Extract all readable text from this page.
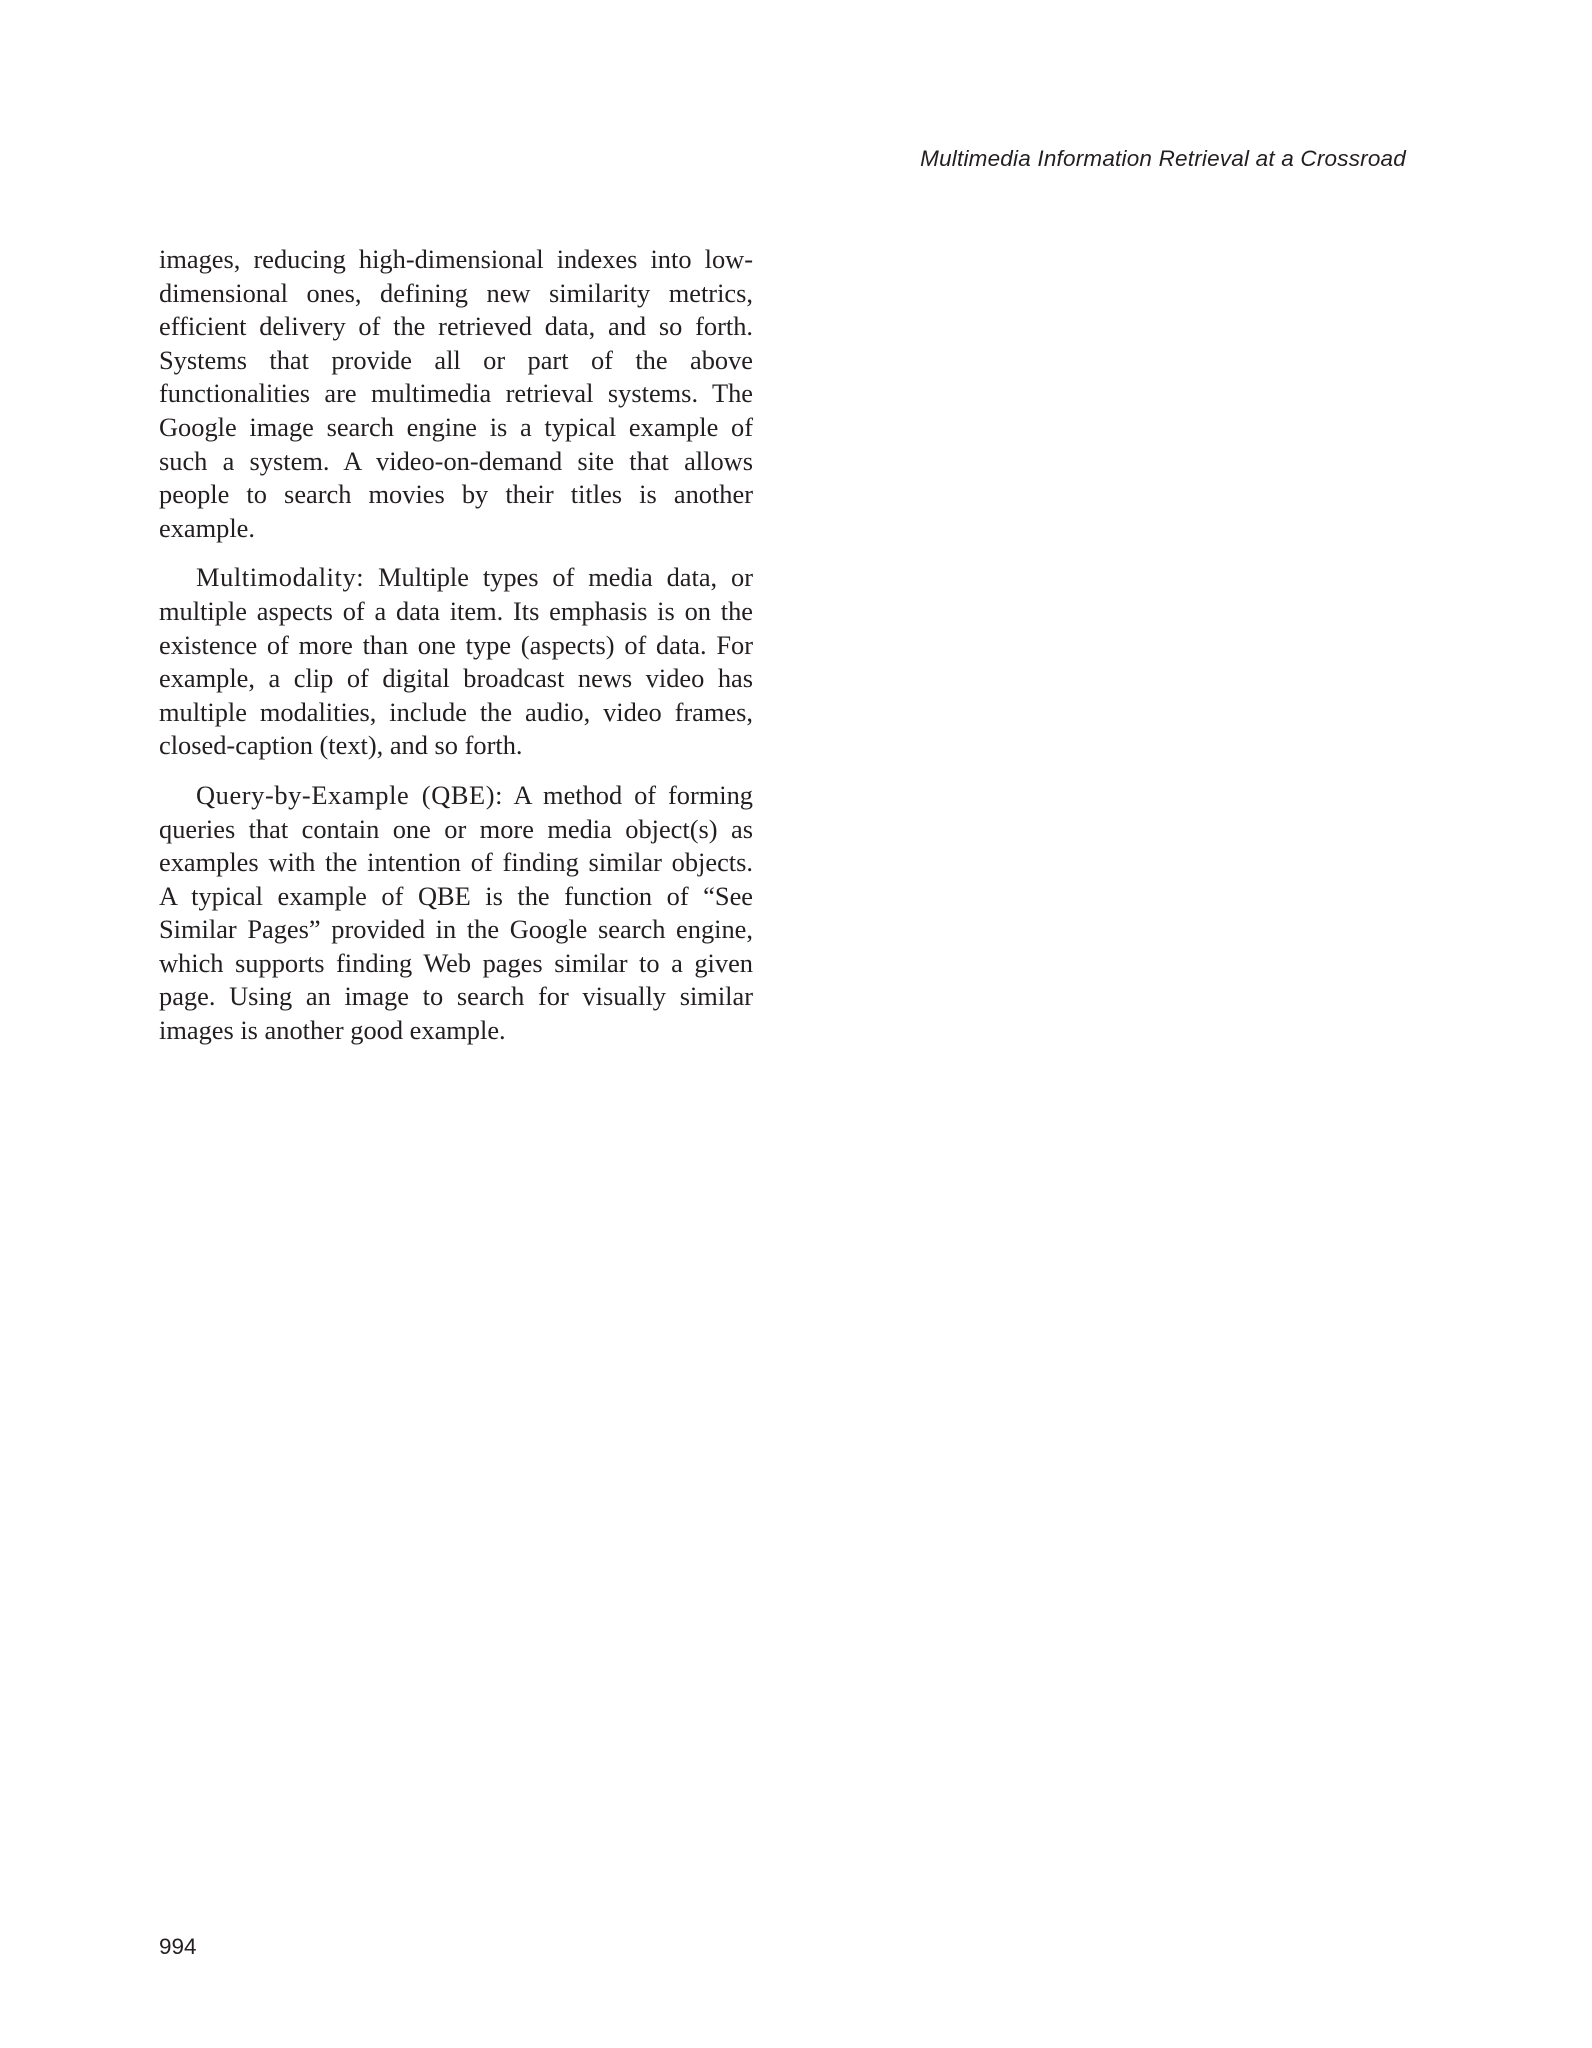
Multimedia Information Retrieval at a Crossroad

images, reducing high-dimensional indexes into low-dimensional ones, defining new similarity metrics, efficient delivery of the retrieved data, and so forth. Systems that provide all or part of the above functionalities are multimedia retrieval systems. The Google image search engine is a typical example of such a system. A video-on-demand site that allows people to search movies by their titles is another example.

Multimodality: Multiple types of media data, or multiple aspects of a data item. Its emphasis is on the existence of more than one type (aspects) of data. For example, a clip of digital broadcast news video has multiple modalities, include the audio, video frames, closed-caption (text), and so forth.

Query-by-Example (QBE): A method of forming queries that contain one or more media object(s) as examples with the intention of finding similar objects. A typical example of QBE is the function of “See Similar Pages” provided in the Google search engine, which supports finding Web pages similar to a given page. Using an image to search for visually similar images is another good example.

994
